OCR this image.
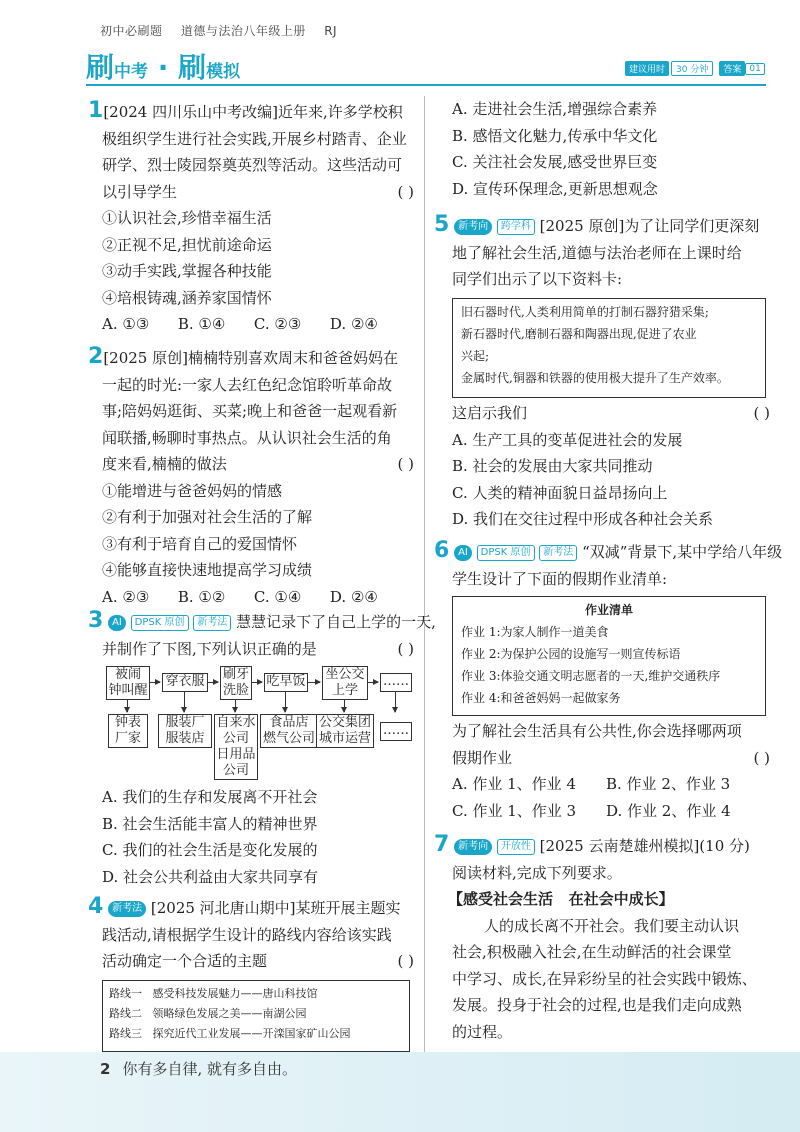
初中必刷题 道德与法治八年级上册 RJ
刷中考 · 刷模拟	建议用时	30 分钟	答案 01
1[2024 四川乐山中考改编]近年来,许多学校积
极组织学生进行社会实践,开展乡村踏青、企业
研学、烈士陵园祭奠英烈等活动。这些活动可
以引导学生	( )
①认识社会,珍惜幸福生活
②正视不足,担忧前途命运
③动手实践,掌握各种技能
④培根铸魂,涵养家国情怀
A. ①③      B. ①④      C. ②③      D. ②④
2[2025 原创]楠楠特别喜欢周末和爸爸妈妈在
一起的时光:一家人去红色纪念馆聆听革命故
事;陪妈妈逛街、买菜;晚上和爸爸一起观看新
闻联播,畅聊时事热点。从认识社会生活的角
度来看,楠楠的做法	( )
①能增进与爸爸妈妈的情感
②有利于加强对社会生活的了解
③有利于培育自己的爱国情怀
④能够直接快速地提高学习成绩
A. ②③      B. ①②      C. ①④      D. ②④
3 AI DPSK 原创 新考法 慧慧记录下了自己上学的一天,
并制作了下图,下列认识正确的是	( )
被闹
钟叫醒
穿衣服 刷牙
洗脸
吃早饭 坐公交
上学
……
钟表
厂家
服装厂
服装店
自来水
公司
日用品
公司
食品店
燃气公司
公交集团
城市运营
……
A. 我们的生存和发展离不开社会
B. 社会生活能丰富人的精神世界
C. 我们的社会生活是变化发展的
D. 社会公共利益由大家共同享有
4 新考法 [2025 河北唐山期中]某班开展主题实
践活动,请根据学生设计的路线内容给该实践
活动确定一个合适的主题	( )
路线一   感受科技发展魅力——唐山科技馆
路线二   领略绿色发展之美——南湖公园
路线三   探究近代工业发展——开滦国家矿山公园
A. 走进社会生活,增强综合素养
B. 感悟文化魅力,传承中华文化
C. 关注社会发展,感受世界巨变
D. 宣传环保理念,更新思想观念
5 新考向 跨学科 [2025 原创]为了让同学们更深刻
地了解社会生活,道德与法治老师在上课时给
同学们出示了以下资料卡:
旧石器时代,人类利用简单的打制石器狩猎采集;
新石器时代,磨制石器和陶器出现,促进了农业
兴起;
金属时代,铜器和铁器的使用极大提升了生产效率。
这启示我们	( )
A. 生产工具的变革促进社会的发展
B. 社会的发展由大家共同推动
C. 人类的精神面貌日益昂扬向上
D. 我们在交往过程中形成各种社会关系
6 AI DPSK 原创 新考法 “双减”背景下,某中学给八年级
学生设计了下面的假期作业清单:
作业清单
作业 1:为家人制作一道美食
作业 2:为保护公园的设施写一则宣传标语
作业 3:体验交通文明志愿者的一天,维护交通秩序
作业 4:和爸爸妈妈一起做家务
为了解社会生活具有公共性,你会选择哪两项
假期作业	( )
A. 作业 1、作业 4 B. 作业 2、作业 3
C. 作业 1、作业 3 D. 作业 2、作业 4
7 新考向 开放性 [2025 云南楚雄州模拟](10 分)
阅读材料,完成下列要求。
【感受社会生活   在社会中成长】
人的成长离不开社会。我们要主动认识
社会,积极融入社会,在生动鲜活的社会课堂
中学习、成长,在异彩纷呈的社会实践中锻炼、
发展。投身于社会的过程,也是我们走向成熟
的过程。
2 你有多自律, 就有多自由。
